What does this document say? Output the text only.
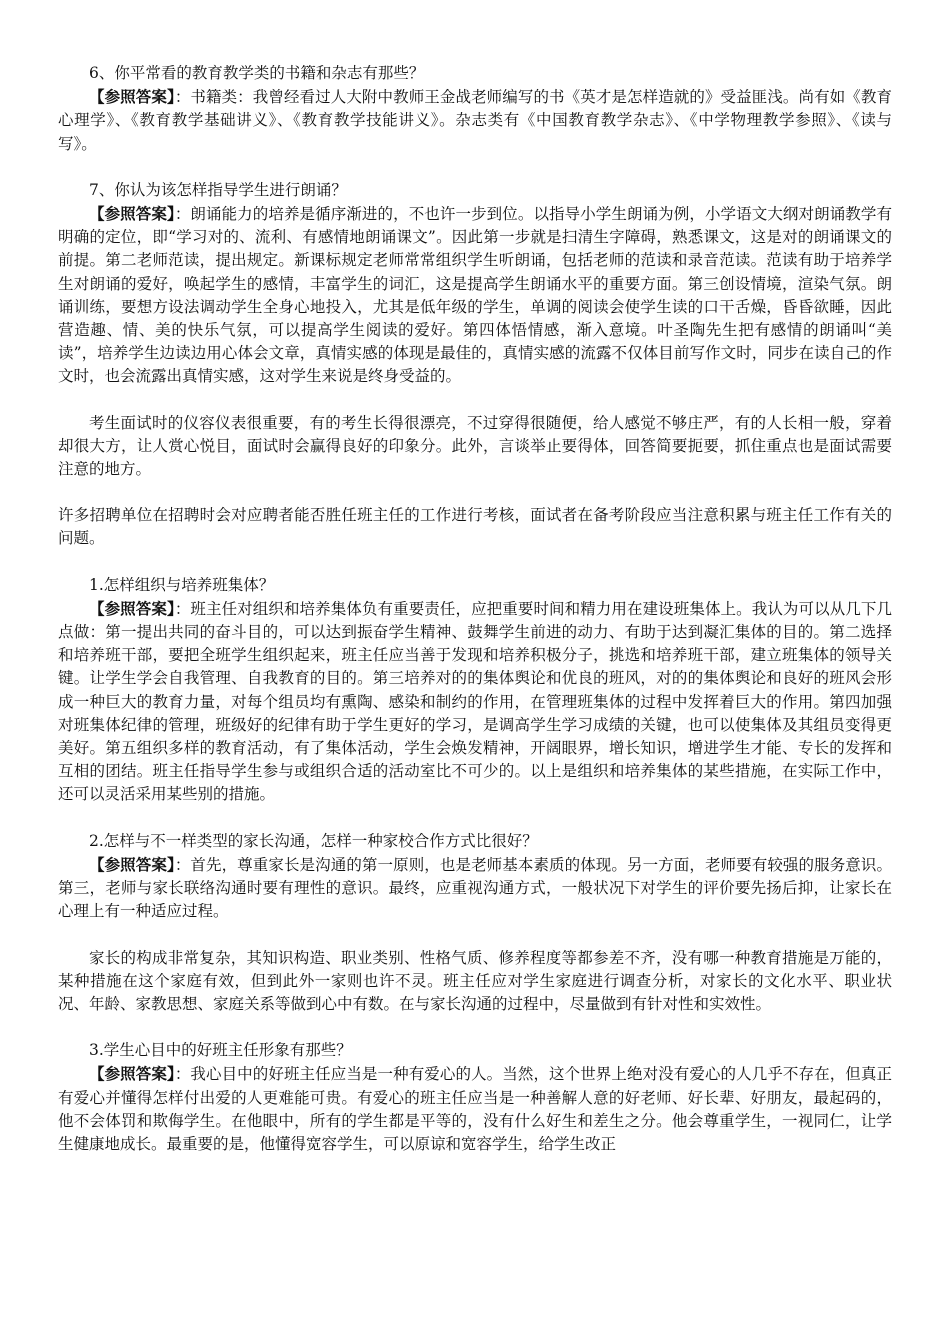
6、你平常看的教育教学类的书籍和杂志有那些？

【参照答案】：书籍类：我曾经看过人大附中教师王金战老师编写的书《英才是怎样造就的》受益匪浅。尚有如《教育心理学》、《教育教学基础讲义》、《教育教学技能讲义》。杂志类有《中国教育教学杂志》、《中学物理教学参照》、《读与写》。

7、你认为该怎样指导学生进行朗诵？

【参照答案】：朗诵能力的培养是循序渐进的，不也许一步到位。以指导小学生朗诵为例，小学语文大纲对朗诵教学有明确的定位，即“学习对的、流利、有感情地朗诵课文”。因此第一步就是扫清生字障碍，熟悉课文，这是对的朗诵课文的前提。第二老师范读，提出规定。新课标规定老师常常组织学生听朗诵，包括老师的范读和录音范读。范读有助于培养学生对朗诵的爱好，唤起学生的感情，丰富学生的词汇，这是提高学生朗诵水平的重要方面。第三创设情境，渲染气氛。朗诵训练，要想方设法调动学生全身心地投入，尤其是低年级的学生，单调的阅读会使学生读的口干舌燥，昏昏欲睡，因此营造趣、情、美的快乐气氛，可以提高学生阅读的爱好。第四体悟情感，渐入意境。叶圣陶先生把有感情的朗诵叫“美读”，培养学生边读边用心体会文章，真情实感的体现是最佳的，真情实感的流露不仅体目前写作文时，同步在读自己的作文时，也会流露出真情实感，这对学生来说是终身受益的。

考生面试时的仪容仪表很重要，有的考生长得很漂亮，不过穿得很随便，给人感觉不够庄严，有的人长相一般，穿着却很大方，让人赏心悦目，面试时会赢得良好的印象分。此外，言谈举止要得体，回答简要扼要，抓住重点也是面试需要注意的地方。

许多招聘单位在招聘时会对应聘者能否胜任班主任的工作进行考核，面试者在备考阶段应当注意积累与班主任工作有关的问题。

1.怎样组织与培养班集体？

【参照答案】：班主任对组织和培养集体负有重要责任，应把重要时间和精力用在建设班集体上。我认为可以从几下几点做：第一提出共同的奋斗目的，可以达到振奋学生精神、鼓舞学生前进的动力、有助于达到凝汇集体的目的。第二选择和培养班干部，要把全班学生组织起来，班主任应当善于发现和培养积极分子，挑选和培养班干部，建立班集体的领导关键。让学生学会自我管理、自我教育的目的。第三培养对的的集体舆论和优良的班风，对的的集体舆论和良好的班风会形成一种巨大的教育力量，对每个组员均有熏陶、感染和制约的作用，在管理班集体的过程中发挥着巨大的作用。第四加强对班集体纪律的管理，班级好的纪律有助于学生更好的学习，是调高学生学习成绩的关键，也可以使集体及其组员变得更美好。第五组织多样的教育活动，有了集体活动，学生会焕发精神，开阔眼界，增长知识，增进学生才能、专长的发挥和互相的团结。班主任指导学生参与或组织合适的活动室比不可少的。以上是组织和培养集体的某些措施，在实际工作中，还可以灵活采用某些别的措施。

2.怎样与不一样类型的家长沟通，怎样一种家校合作方式比很好？

【参照答案】：首先，尊重家长是沟通的第一原则，也是老师基本素质的体现。另一方面，老师要有较强的服务意识。第三，老师与家长联络沟通时要有理性的意识。最终，应重视沟通方式，一般状况下对学生的评价要先扬后抑，让家长在心理上有一种适应过程。

家长的构成非常复杂，其知识构造、职业类别、性格气质、修养程度等都参差不齐，没有哪一种教育措施是万能的，某种措施在这个家庭有效，但到此外一家则也许不灵。班主任应对学生家庭进行调查分析，对家长的文化水平、职业状况、年龄、家教思想、家庭关系等做到心中有数。在与家长沟通的过程中，尽量做到有针对性和实效性。

3.学生心目中的好班主任形象有那些？

【参照答案】：我心目中的好班主任应当是一种有爱心的人。当然，这个世界上绝对没有爱心的人几乎不存在，但真正有爱心并懂得怎样付出爱的人更难能可贵。有爱心的班主任应当是一种善解人意的好老师、好长辈、好朋友，最起码的，他不会体罚和欺侮学生。在他眼中，所有的学生都是平等的，没有什么好生和差生之分。他会尊重学生，一视同仁，让学生健康地成长。最重要的是，他懂得宽容学生，可以原谅和宽容学生，给学生改正
